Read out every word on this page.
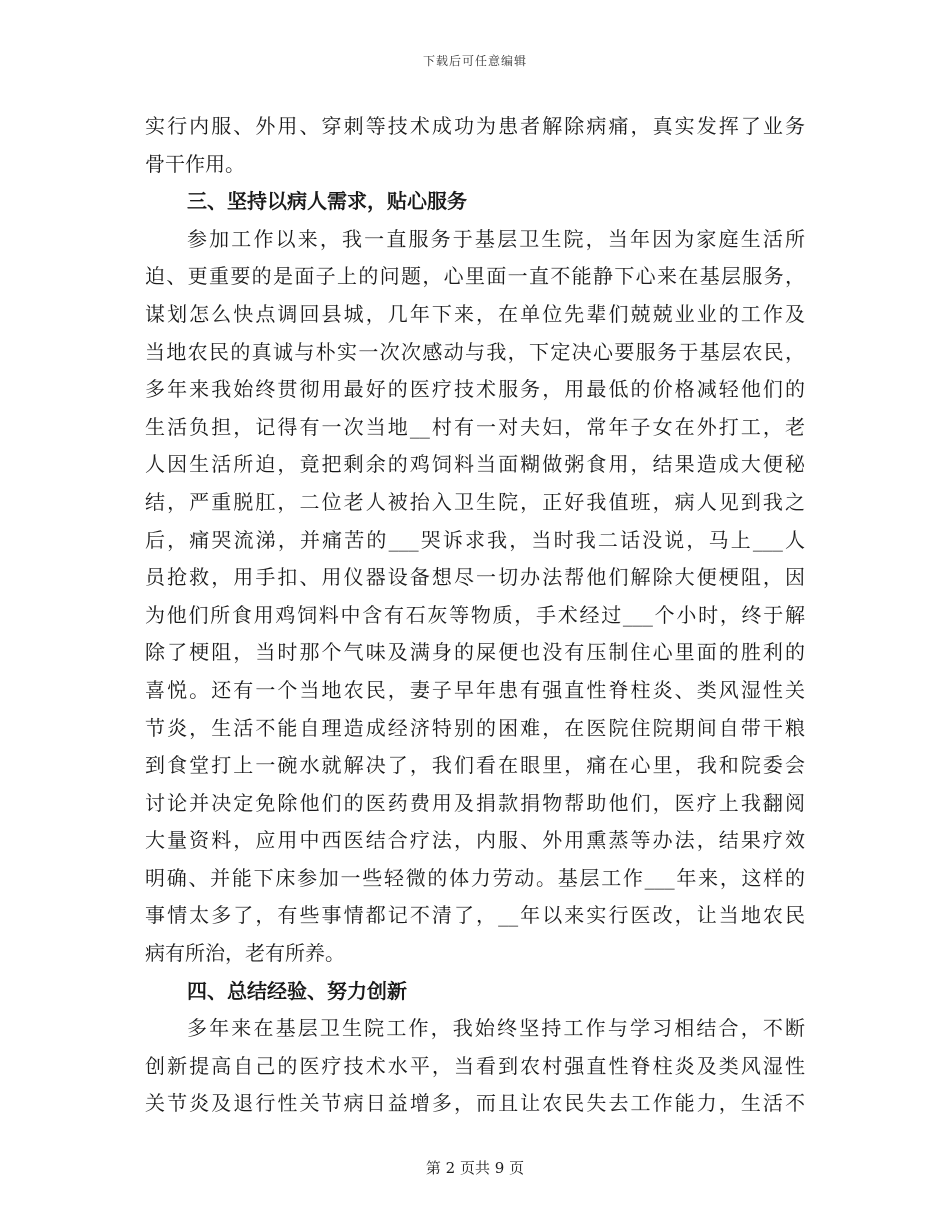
下载后可任意编辑
实行内服、外用、穿刺等技术成功为患者解除病痛，真实发挥了业务
骨干作用。
三、坚持以病人需求，贴心服务
参加工作以来，我一直服务于基层卫生院，当年因为家庭生活所
迫、更重要的是面子上的问题，心里面一直不能静下心来在基层服务，
谋划怎么快点调回县城，几年下来，在单位先辈们兢兢业业的工作及
当地农民的真诚与朴实一次次感动与我，下定决心要服务于基层农民，
多年来我始终贯彻用最好的医疗技术服务，用最低的价格减轻他们的
生活负担，记得有一次当地__村有一对夫妇，常年子女在外打工，老
人因生活所迫，竟把剩余的鸡饲料当面糊做粥食用，结果造成大便秘
结，严重脱肛，二位老人被抬入卫生院，正好我值班，病人见到我之
后，痛哭流涕，并痛苦的___哭诉求我，当时我二话没说，马上___人
员抢救，用手扣、用仪器设备想尽一切办法帮他们解除大便梗阻，因
为他们所食用鸡饲料中含有石灰等物质，手术经过___个小时，终于解
除了梗阻，当时那个气味及满身的屎便也没有压制住心里面的胜利的
喜悦。还有一个当地农民，妻子早年患有强直性脊柱炎、类风湿性关
节炎，生活不能自理造成经济特别的困难，在医院住院期间自带干粮
到食堂打上一碗水就解决了，我们看在眼里，痛在心里，我和院委会
讨论并决定免除他们的医药费用及捐款捐物帮助他们，医疗上我翻阅
大量资料，应用中西医结合疗法，内服、外用熏蒸等办法，结果疗效
明确、并能下床参加一些轻微的体力劳动。基层工作___年来，这样的
事情太多了，有些事情都记不清了，__年以来实行医改，让当地农民
病有所治，老有所养。
四、总结经验、努力创新
多年来在基层卫生院工作，我始终坚持工作与学习相结合，不断
创新提高自己的医疗技术水平，当看到农村强直性脊柱炎及类风湿性
关节炎及退行性关节病日益增多，而且让农民失去工作能力，生活不
第 2 页共 9 页
